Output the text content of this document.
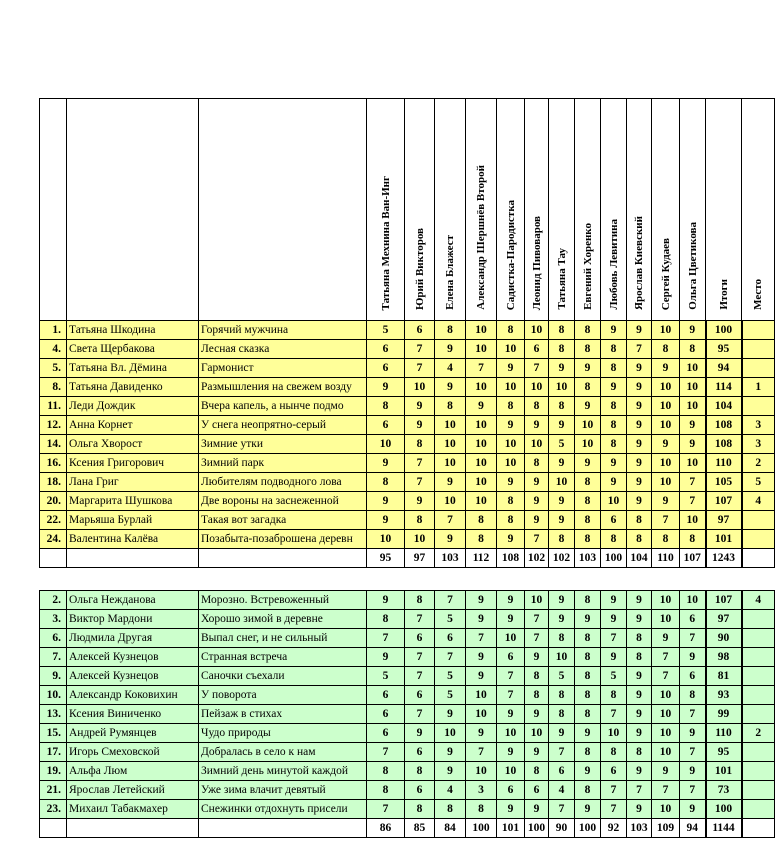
			Татьяна Мехнина Ван-Инг	Юрий Викторов	Елена Блажест	Александр Шершнёв Второй	Садистка-Пародистка	Леонид Пивоваров	Татьяна Тау	Евгений Хоренко	Любовь Левитина	Ярослав Киевский	Сергей Кудаев	Ольга Цветикова	Итоги	Место
1.	Татьяна Шкодина	Горячий мужчина	5	6	8	10	8	10	8	8	9	9	10	9	100	
4.	Света Щербакова	Лесная сказка	6	7	9	10	10	6	8	8	8	7	8	8	95	
5.	Татьяна Вл. Дёмина	Гармонист	6	7	4	7	9	7	9	9	8	9	9	10	94	
8.	Татьяна Давиденко	Размышления на свежем возду	9	10	9	10	10	10	10	8	9	9	10	10	114	1
11.	Леди Дождик	Вчера капель, а нынче подмо	8	9	8	9	8	8	8	9	8	9	10	10	104	
12.	Анна Корнет	У снега неопрятно-серый	6	9	10	10	9	9	9	10	8	9	10	9	108	3
14.	Ольга Хворост	Зимние утки	10	8	10	10	10	10	5	10	8	9	9	9	108	3
16.	Ксения Григорович	Зимний парк	9	7	10	10	10	8	9	9	9	9	10	10	110	2
18.	Лана Григ	Любителям подводного лова	8	7	9	10	9	9	10	8	9	9	10	7	105	5
20.	Маргарита Шушкова	Две вороны на заснеженной	9	9	10	10	8	9	9	8	10	9	9	7	107	4
22.	Марьяша Бурлай	Такая вот загадка	9	8	7	8	8	9	9	8	6	8	7	10	97	
24.	Валентина Калёва	Позабыта-позаброшена деревн	10	10	9	8	9	7	8	8	8	8	8	8	101	
			95	97	103	112	108	102	102	103	100	104	110	107	1243	

2.	Ольга Нежданова	Морозно. Встревоженный	9	8	7	9	9	10	9	8	9	9	10	10	107	4
3.	Виктор Мардони	Хорошо зимой в деревне	8	7	5	9	9	7	9	9	9	9	10	6	97	
6.	Людмила Другая	Выпал снег, и не сильный	7	6	6	7	10	7	8	8	7	8	9	7	90	
7.	Алексей Кузнецов	Странная встреча	9	7	7	9	6	9	10	8	9	8	7	9	98	
9.	Алексей Кузнецов	Саночки съехали	5	7	5	9	7	8	5	8	5	9	7	6	81	
10.	Александр Коковихин	У поворота	6	6	5	10	7	8	8	8	8	9	10	8	93	
13.	Ксения Виниченко	Пейзаж в стихах	6	7	9	10	9	9	8	8	7	9	10	7	99	
15.	Андрей Румянцев	Чудо природы	6	9	10	9	10	10	9	9	10	9	10	9	110	2
17.	Игорь Смеховской	Добралась в село к нам	7	6	9	7	9	9	7	8	8	8	10	7	95	
19.	Альфа Люм	Зимний день минутой каждой	8	8	9	10	10	8	6	9	6	9	9	9	101	
21.	Ярослав Летейский	Уже зима влачит девятый	8	6	4	3	6	6	4	8	7	7	7	7	73	
23.	Михаил Табакмахер	Снежинки отдохнуть присели	7	8	8	8	9	9	7	9	7	9	10	9	100	
			86	85	84	100	101	100	90	100	92	103	109	94	1144	
